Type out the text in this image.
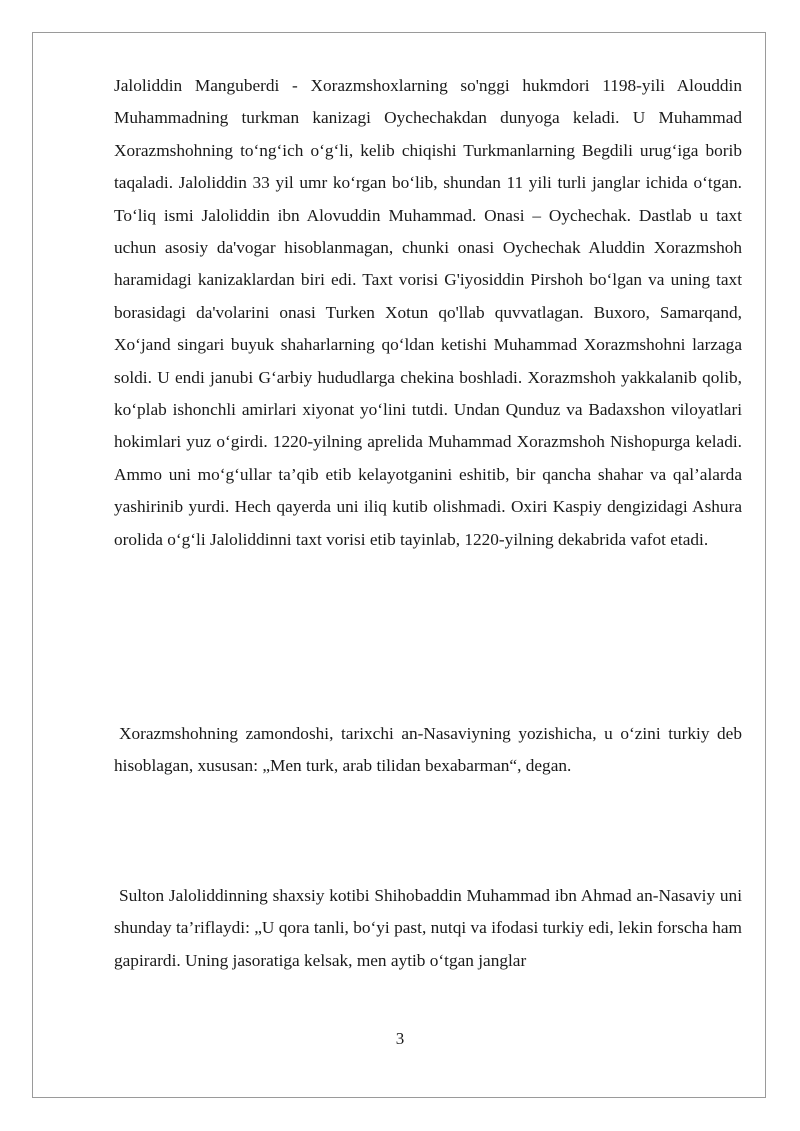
Jaloliddin Manguberdi - Xorazmshoxlarning so'nggi hukmdori 1198-yili Alouddin Muhammadning turkman kanizagi Oychechakdan dunyoga keladi. U Muhammad Xorazmshohning to‘ng‘ich o‘g‘li, kelib chiqishi Turkmanlarning Begdili urug‘iga borib taqaladi. Jaloliddin 33 yil umr ko‘rgan bo‘lib, shundan 11 yili turli janglar ichida o‘tgan. To‘liq ismi Jaloliddin ibn Alovuddin Muhammad. Onasi – Oychechak. Dastlab u taxt uchun asosiy da'vogar hisoblanmagan, chunki onasi Oychechak Aluddin Xorazmshoh haramidagi kanizaklardan biri edi. Taxt vorisi G'iyosiddin Pirshoh bo‘lgan va uning taxt borasidagi da'volarini onasi Turken Xotun qo'llab quvvatlagan. Buxoro, Samarqand, Xo‘jand singari buyuk shaharlarning qo‘ldan ketishi Muhammad Xorazmshohni larzaga soldi. U endi janubi G‘arbiy hududlarga chekina boshladi. Xorazmshoh yakkalanib qolib, ko‘plab ishonchli amirlari xiyonat yo‘lini tutdi. Undan Qunduz va Badaxshon viloyatlari hokimlari yuz o‘girdi. 1220-yilning aprelida Muhammad Xorazmshoh Nishopurga keladi. Ammo uni mo‘g‘ullar ta’qib etib kelayotganini eshitib, bir qancha shahar va qal’alarda yashirinib yurdi. Hech qayerda uni iliq kutib olishmadi. Oxiri Kaspiy dengizidagi Ashura orolida o‘g‘li Jaloliddinni taxt vorisi etib tayinlab, 1220-yilning dekabrida vafot etadi.

Xorazmshohning zamondoshi, tarixchi an-Nasaviyning yozishicha, u o‘zini turkiy deb hisoblagan, xususan: „Men turk, arab tilidan bexabarman“, degan.

Sulton Jaloliddinning shaxsiy kotibi Shihobaddin Muhammad ibn Ahmad an-Nasaviy uni shunday ta’riflaydi: „U qora tanli, bo‘yi past, nutqi va ifodasi turkiy edi, lekin forscha ham gapirardi. Uning jasoratiga kelsak, men aytib o‘tgan janglar

3
